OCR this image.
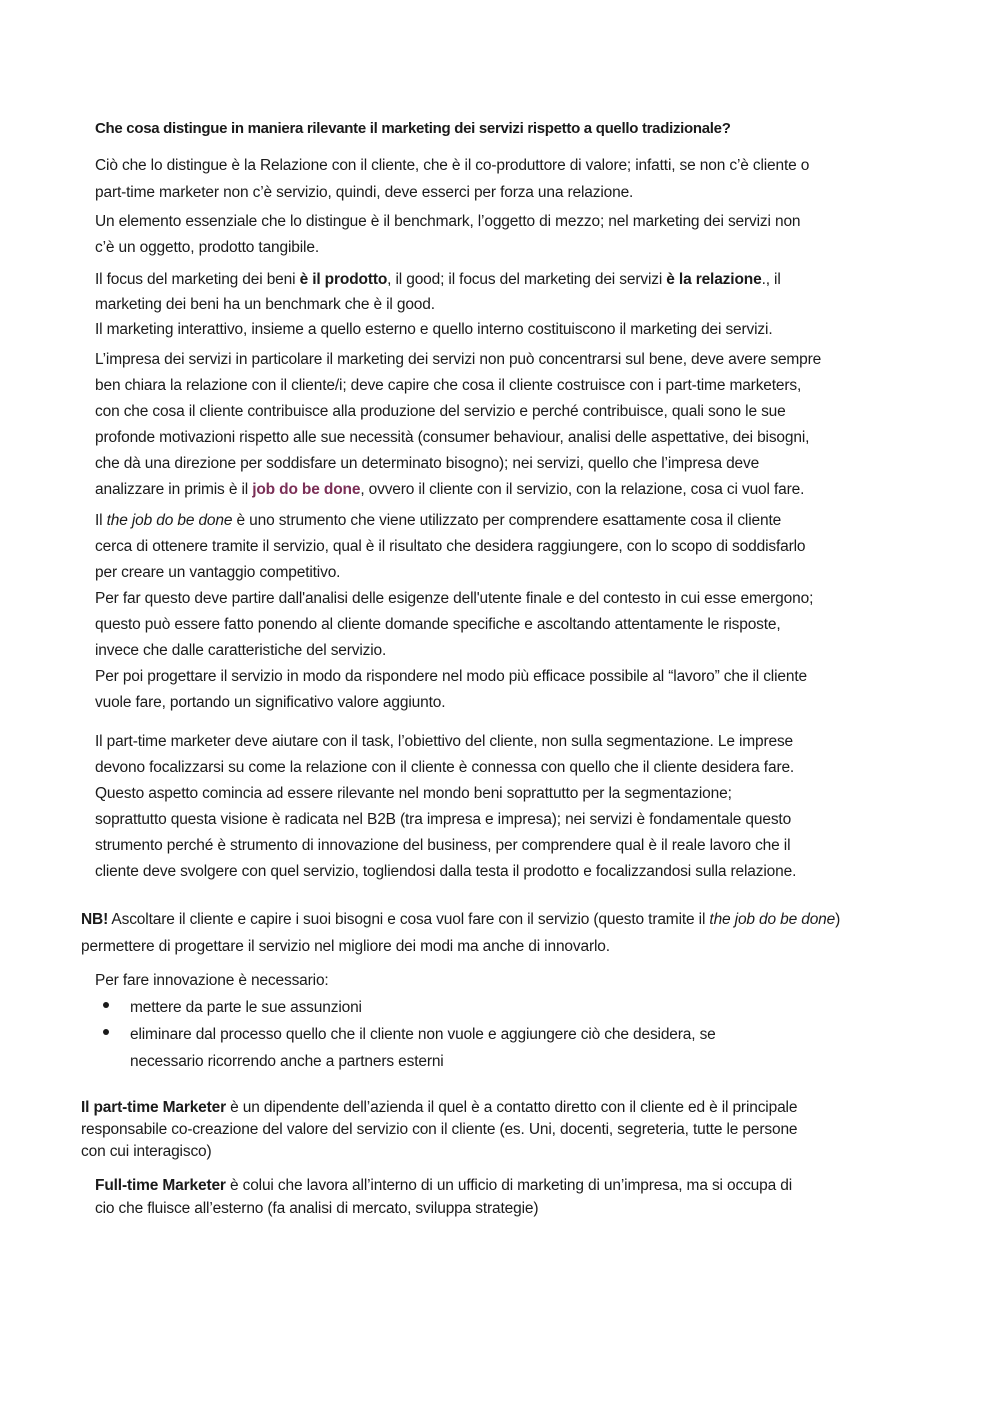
Che cosa distingue in maniera rilevante il marketing dei servizi rispetto a quello tradizionale?

Ciò che lo distingue è la Relazione con il cliente, che è il co-produttore di valore; infatti, se non c’è cliente o
part-time marketer non c’è servizio, quindi, deve esserci per forza una relazione.

Un elemento essenziale che lo distingue è il benchmark, l’oggetto di mezzo; nel marketing dei servizi non
c’è un oggetto, prodotto tangibile.

Il focus del marketing dei beni è il prodotto, il good; il focus del marketing dei servizi è la relazione., il
marketing dei beni ha un benchmark che è il good.
Il marketing interattivo, insieme a quello esterno e quello interno costituiscono il marketing dei servizi.

L’impresa dei servizi in particolare il marketing dei servizi non può concentrarsi sul bene, deve avere sempre
ben chiara la relazione con il cliente/i; deve capire che cosa il cliente costruisce con i part-time marketers,
con che cosa il cliente contribuisce alla produzione del servizio e perché contribuisce, quali sono le sue
profonde motivazioni rispetto alle sue necessità (consumer behaviour, analisi delle aspettative, dei bisogni,
che dà una direzione per soddisfare un determinato bisogno); nei servizi, quello che l’impresa deve
analizzare in primis è il job do be done, ovvero il cliente con il servizio, con la relazione, cosa ci vuol fare.

Il the job do be done è uno strumento che viene utilizzato per comprendere esattamente cosa il cliente
cerca di ottenere tramite il servizio, qual è il risultato che desidera raggiungere, con lo scopo di soddisfarlo
per creare un vantaggio competitivo.
Per far questo deve partire dall'analisi delle esigenze dell'utente finale e del contesto in cui esse emergono;
questo può essere fatto ponendo al cliente domande specifiche e ascoltando attentamente le risposte,
invece che dalle caratteristiche del servizio.
Per poi progettare il servizio in modo da rispondere nel modo più efficace possibile al “lavoro” che il cliente
vuole fare, portando un significativo valore aggiunto.

Il part-time marketer deve aiutare con il task, l’obiettivo del cliente, non sulla segmentazione. Le imprese
devono focalizzarsi su come la relazione con il cliente è connessa con quello che il cliente desidera fare.
Questo aspetto comincia ad essere rilevante nel mondo beni soprattutto per la segmentazione;
soprattutto questa visione è radicata nel B2B (tra impresa e impresa); nei servizi è fondamentale questo
strumento perché è strumento di innovazione del business, per comprendere qual è il reale lavoro che il
cliente deve svolgere con quel servizio, togliendosi dalla testa il prodotto e focalizzandosi sulla relazione.

NB! Ascoltare il cliente e capire i suoi bisogni e cosa vuol fare con il servizio (questo tramite il the job do be done)
permettere di progettare il servizio nel migliore dei modi ma anche di innovarlo.

Per fare innovazione è necessario:
mettere da parte le sue assunzioni
eliminare dal processo quello che il cliente non vuole e aggiungere ciò che desidera, se
necessario ricorrendo anche a partners esterni

Il part-time Marketer è un dipendente dell’azienda il quel è a contatto diretto con il cliente ed è il principale
responsabile co-creazione del valore del servizio con il cliente (es. Uni, docenti, segreteria, tutte le persone
con cui interagisco)

Full-time Marketer è colui che lavora all’interno di un ufficio di marketing di un’impresa, ma si occupa di
cio che fluisce all’esterno (fa analisi di mercato, sviluppa strategie)
